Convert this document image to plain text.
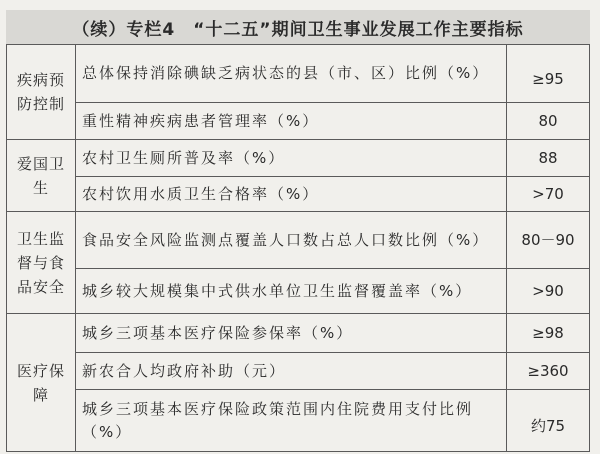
（续）专栏4　“十二五”期间卫生事业发展工作主要指标
疾病预防控制	总体保持消除碘缺乏病状态的县（市、区）比例（%）	≥95
	重性精神疾病患者管理率（%）	80
爱国卫生	农村卫生厕所普及率（%）	88
	农村饮用水质卫生合格率（%）	>70
卫生监督与食品安全	食品安全风险监测点覆盖人口数占总人口数比例（%）	80－90
	城乡较大规模集中式供水单位卫生监督覆盖率（%）	>90
医疗保障	城乡三项基本医疗保险参保率（%）	≥98
	新农合人均政府补助（元）	≥360
	城乡三项基本医疗保险政策范围内住院费用支付比例（%）	约75
